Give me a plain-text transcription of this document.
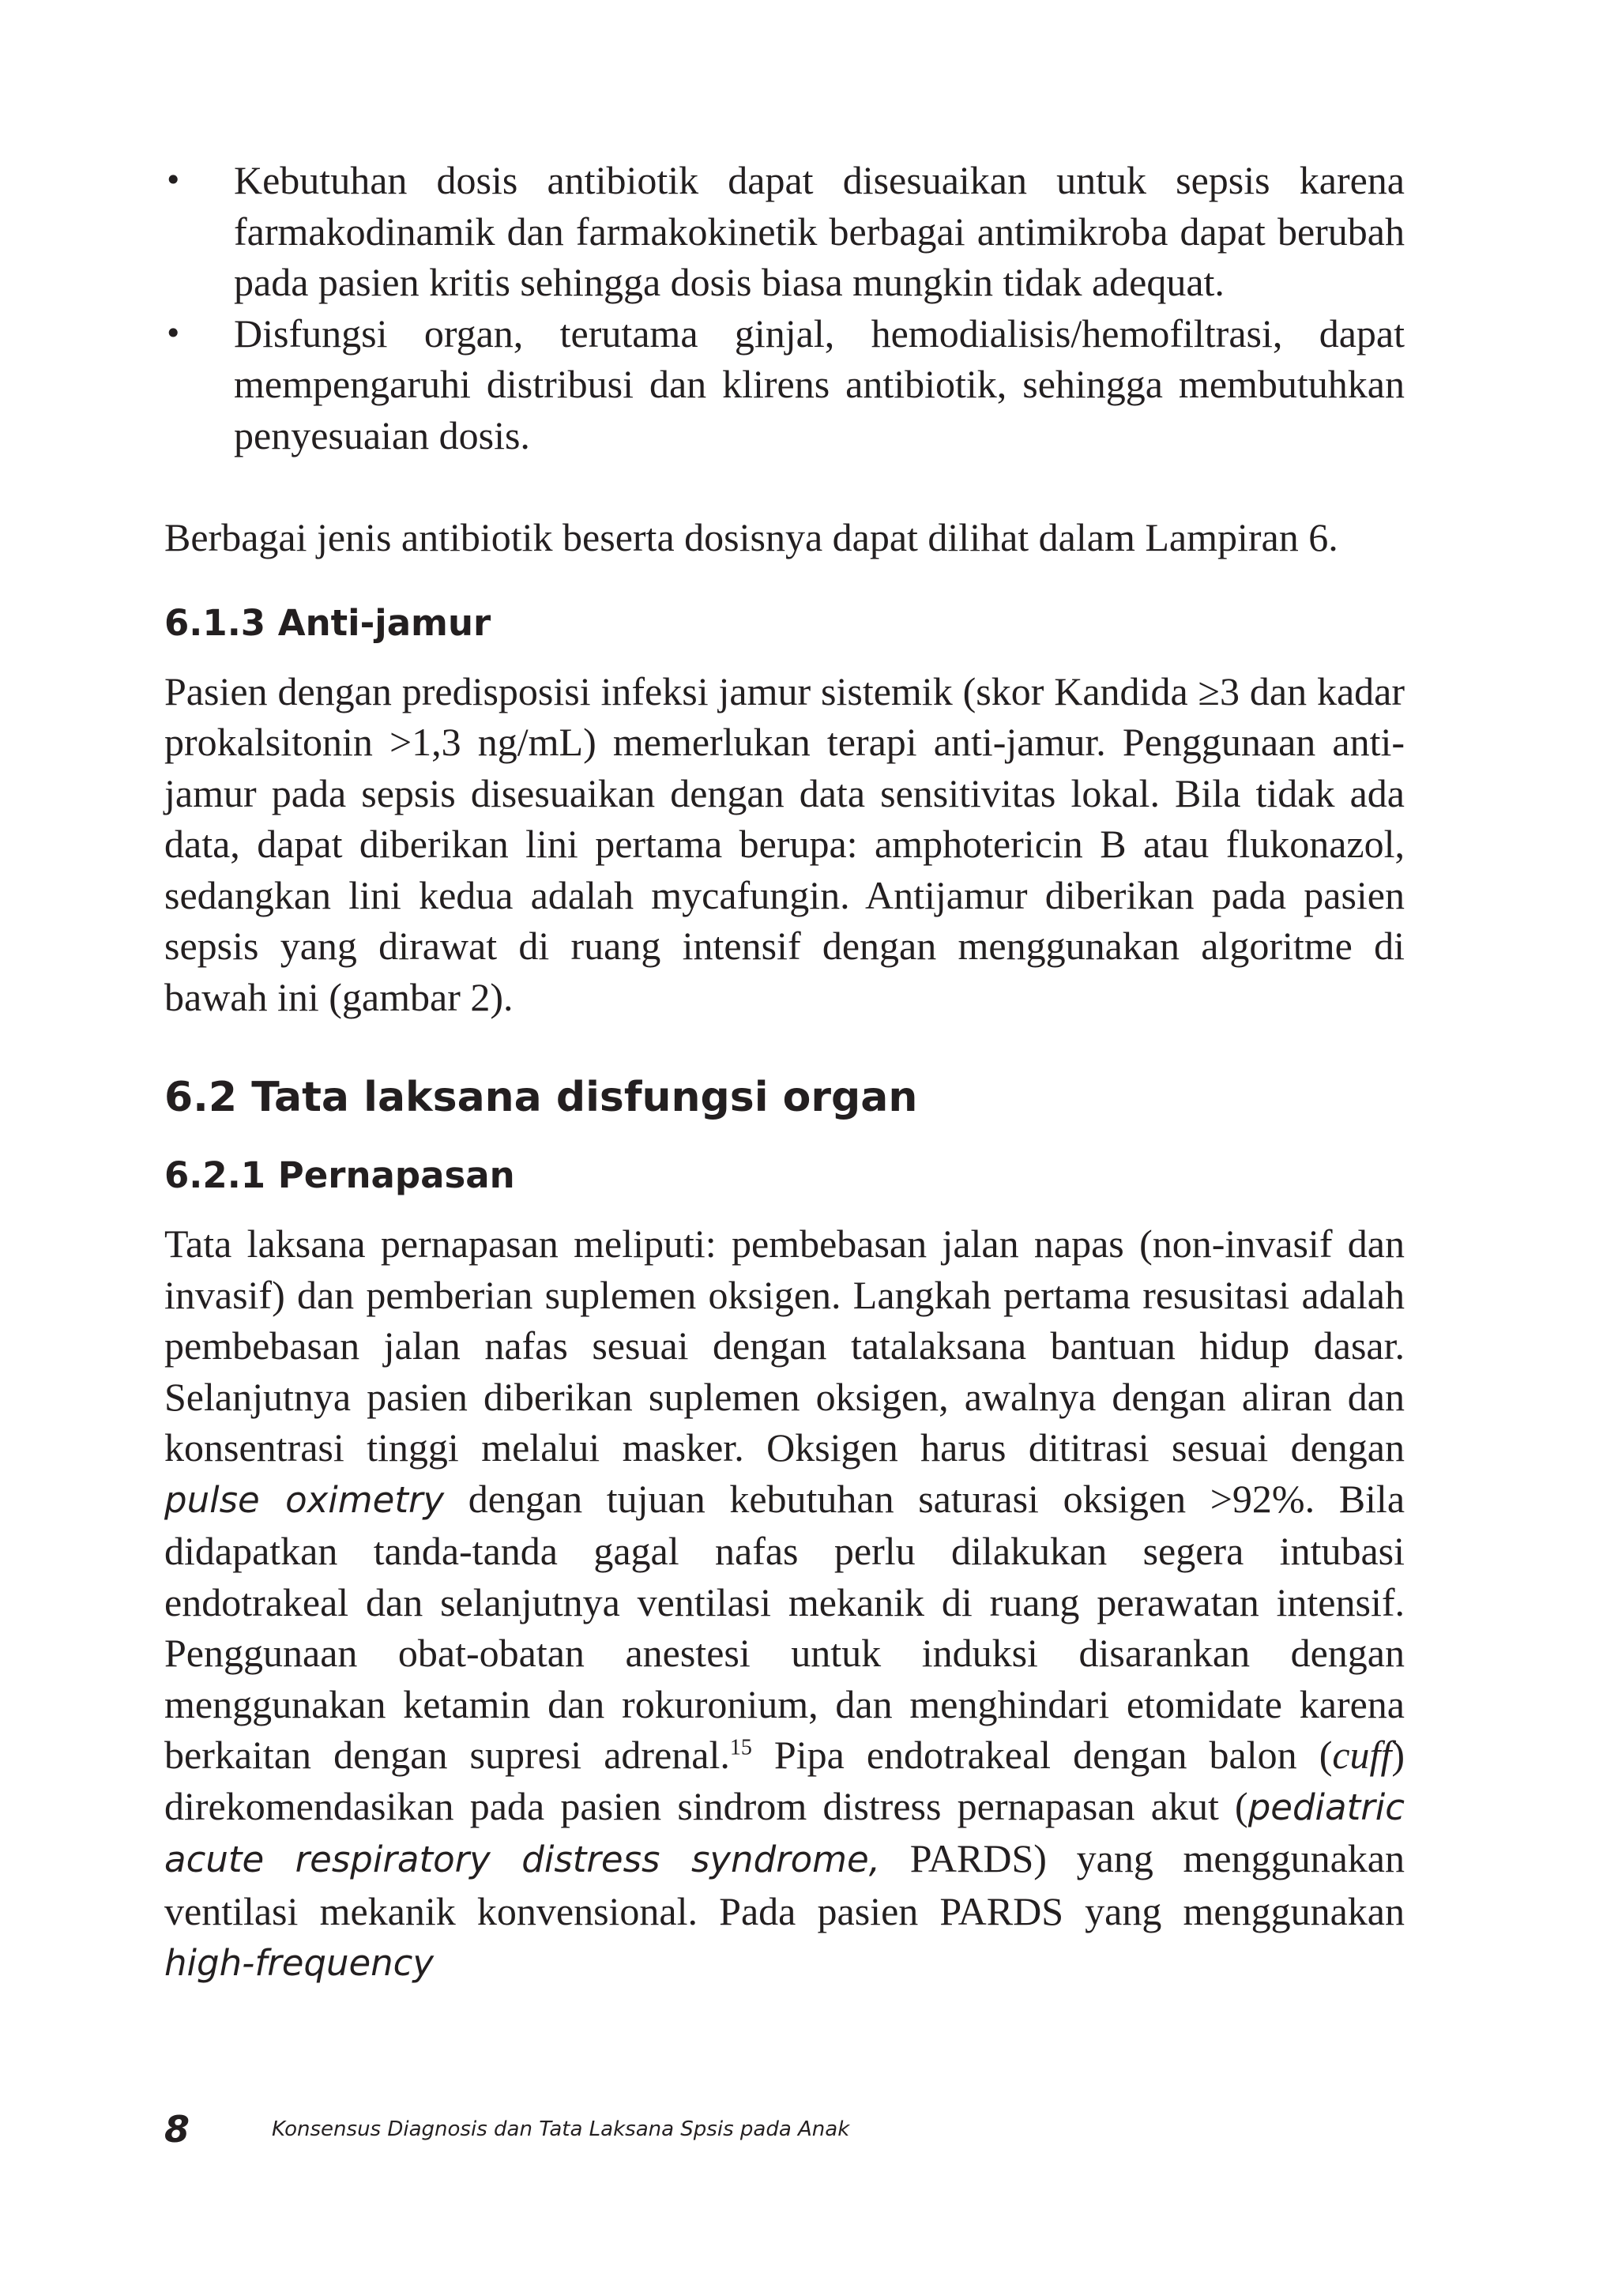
• Kebutuhan dosis antibiotik dapat disesuaikan untuk sepsis karena farmakodinamik dan farmakokinetik berbagai antimikroba dapat berubah pada pasien kritis sehingga dosis biasa mungkin tidak adequat.
• Disfungsi organ, terutama ginjal, hemodialisis/hemofiltrasi, dapat mempengaruhi distribusi dan klirens antibiotik, sehingga membutuhkan penyesuaian dosis.

Berbagai jenis antibiotik beserta dosisnya dapat dilihat dalam Lampiran 6.

6.1.3 Anti-jamur

Pasien dengan predisposisi infeksi jamur sistemik (skor Kandida ≥3 dan kadar prokalsitonin >1,3 ng/mL) memerlukan terapi anti-jamur. Penggunaan anti-jamur pada sepsis disesuaikan dengan data sensitivitas lokal. Bila tidak ada data, dapat diberikan lini pertama berupa: amphotericin B atau flukonazol, sedangkan lini kedua adalah mycafungin. Antijamur diberikan pada pasien sepsis yang dirawat di ruang intensif dengan menggunakan algoritme di bawah ini (gambar 2).

6.2 Tata laksana disfungsi organ
6.2.1 Pernapasan

Tata laksana pernapasan meliputi: pembebasan jalan napas (non-invasif dan invasif) dan pemberian suplemen oksigen. Langkah pertama resusitasi adalah pembebasan jalan nafas sesuai dengan tatalaksana bantuan hidup dasar. Selanjutnya pasien diberikan suplemen oksigen, awalnya dengan aliran dan konsentrasi tinggi melalui masker. Oksigen harus dititrasi sesuai dengan pulse oximetry dengan tujuan kebutuhan saturasi oksigen >92%. Bila didapatkan tanda-tanda gagal nafas perlu dilakukan segera intubasi endotrakeal dan selanjutnya ventilasi mekanik di ruang perawatan intensif. Penggunaan obat-obatan anestesi untuk induksi disarankan dengan menggunakan ketamin dan rokuronium, dan menghindari etomidate karena berkaitan dengan supresi adrenal.$^{15}$ Pipa endotrakeal dengan balon (cuff) direkomendasikan pada pasien sindrom distress pernapasan akut (pediatric acute respiratory distress syndrome, PARDS) yang menggunakan ventilasi mekanik konvensional. Pada pasien PARDS yang menggunakan high-frequency

8	Konsensus Diagnosis dan Tata Laksana Spsis pada Anak
